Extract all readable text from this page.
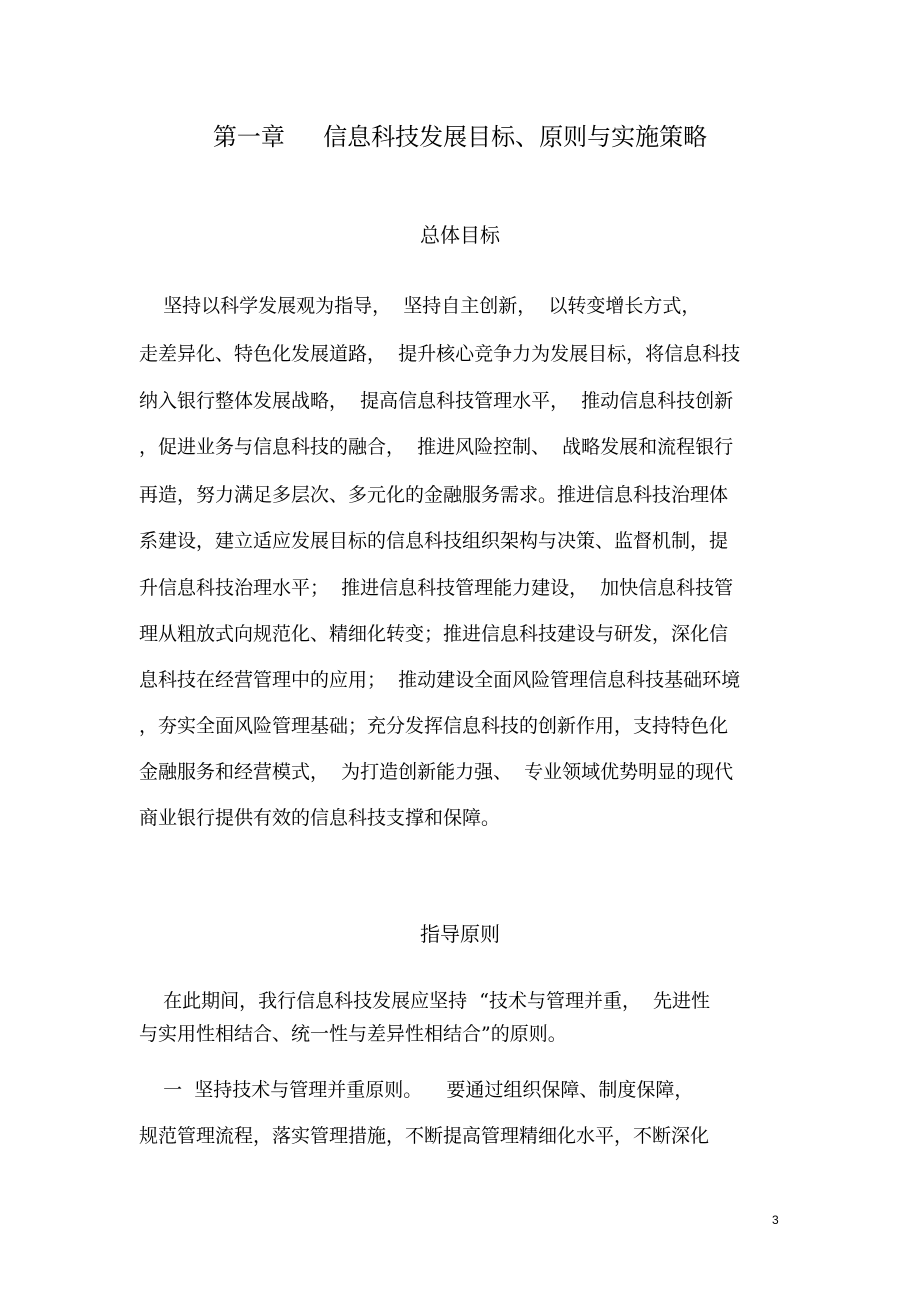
第一章     信息科技发展目标、原则与实施策略
总体目标

坚持以科学发展观为指导，  坚持自主创新，  以转变增长方式，

走差异化、特色化发展道路，  提升核心竞争力为发展目标，将信息科技

纳入银行整体发展战略，  提高信息科技管理水平，  推动信息科技创新

，促进业务与信息科技的融合，  推进风险控制、  战略发展和流程银行

再造，努力满足多层次、多元化的金融服务需求。推进信息科技治理体

系建设，建立适应发展目标的信息科技组织架构与决策、监督机制，提

升信息科技治理水平；  推进信息科技管理能力建设，  加快信息科技管

理从粗放式向规范化、精细化转变；推进信息科技建设与研发，深化信

息科技在经营管理中的应用；  推动建设全面风险管理信息科技基础环境

，夯实全面风险管理基础；充分发挥信息科技的创新作用，支持特色化

金融服务和经营模式，  为打造创新能力强、  专业领域优势明显的现代

商业银行提供有效的信息科技支撑和保障。

指导原则

在此期间，我行信息科技发展应坚持  “技术与管理并重，  先进性

与实用性相结合、统一性与差异性相结合”的原则。

一  坚持技术与管理并重原则。    要通过组织保障、制度保障，

规范管理流程，落实管理措施，不断提高管理精细化水平，不断深化

3
